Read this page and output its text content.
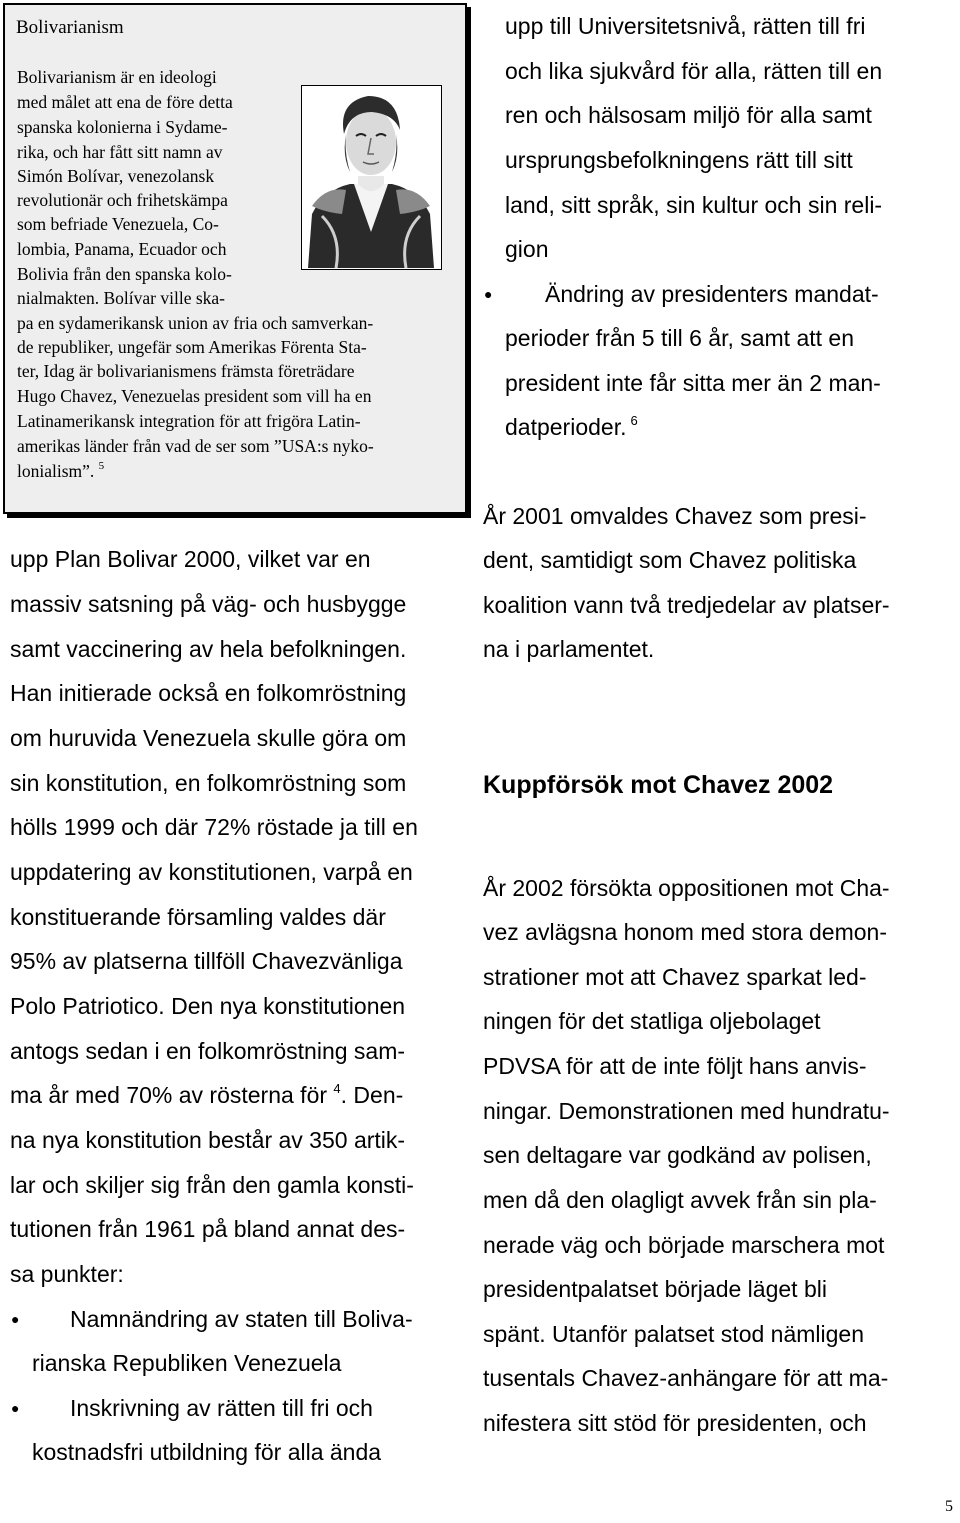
Bolivarianism
Bolivarianism är en ideologi
med målet att ena de före detta
spanska kolonierna i Sydame-
rika, och har fått sitt namn av
Simón Bolívar, venezolansk
revolutionär och frihetskämpa
som befriade Venezuela, Co-
lombia, Panama, Ecuador och
Bolivia från den spanska kolo-
nialmakten. Bolívar ville ska-
pa en sydamerikansk union av fria och samverkan-
de republiker, ungefär som Amerikas Förenta Sta-
ter, Idag är bolivarianismens främsta företrädare
Hugo Chavez, Venezuelas president som vill ha en
Latinamerikansk integration för att frigöra Latin-
amerikas länder från vad de ser som ”USA:s nyko-
lonialism”. $^5$
upp Plan Bolivar 2000, vilket var en
massiv satsning på väg- och husbygge
samt vaccinering av hela befolkningen.
Han initierade också en folkomröstning
om huruvida Venezuela skulle göra om
sin konstitution, en folkomröstning som
hölls 1999 och där 72% röstade ja till en
uppdatering av konstitutionen, varpå en
konstituerande församling valdes där
95% av platserna tillföll Chavezvänliga
Polo Patriotico. Den nya konstitutionen
antogs sedan i en folkomröstning sam-
ma år med 70% av rösterna för $^4$. Den-
na nya konstitution består av 350 artik-
lar och skiljer sig från den gamla konsti-
tutionen från 1961 på bland annat des-
sa punkter:
● Namnändring av staten till Boliva-
rianska Republiken Venezuela
● Inskrivning av rätten till fri och
kostnadsfri utbildning för alla ända
upp till Universitetsnivå, rätten till fri
och lika sjukvård för alla, rätten till en
ren och hälsosam miljö för alla samt
ursprungsbefolkningens rätt till sitt
land, sitt språk, sin kultur och sin reli-
gion
● Ändring av presidenters mandat-
perioder från 5 till 6 år, samt att en
president inte får sitta mer än 2 man-
datperioder. $^6$
År 2001 omvaldes Chavez som presi-
dent, samtidigt som Chavez politiska
koalition vann två tredjedelar av platser-
na i parlamentet.
Kuppförsök mot Chavez 2002
År 2002 försökta oppositionen mot Cha-
vez avlägsna honom med stora demon-
strationer mot att Chavez sparkat led-
ningen för det statliga oljebolaget
PDVSA för att de inte följt hans anvis-
ningar. Demonstrationen med hundratu-
sen deltagare var godkänd av polisen,
men då den olagligt avvek från sin pla-
nerade väg och började marschera mot
presidentpalatset började läget bli
spänt. Utanför palatset stod nämligen
tusentals Chavez-anhängare för att ma-
nifestera sitt stöd för presidenten, och
5
